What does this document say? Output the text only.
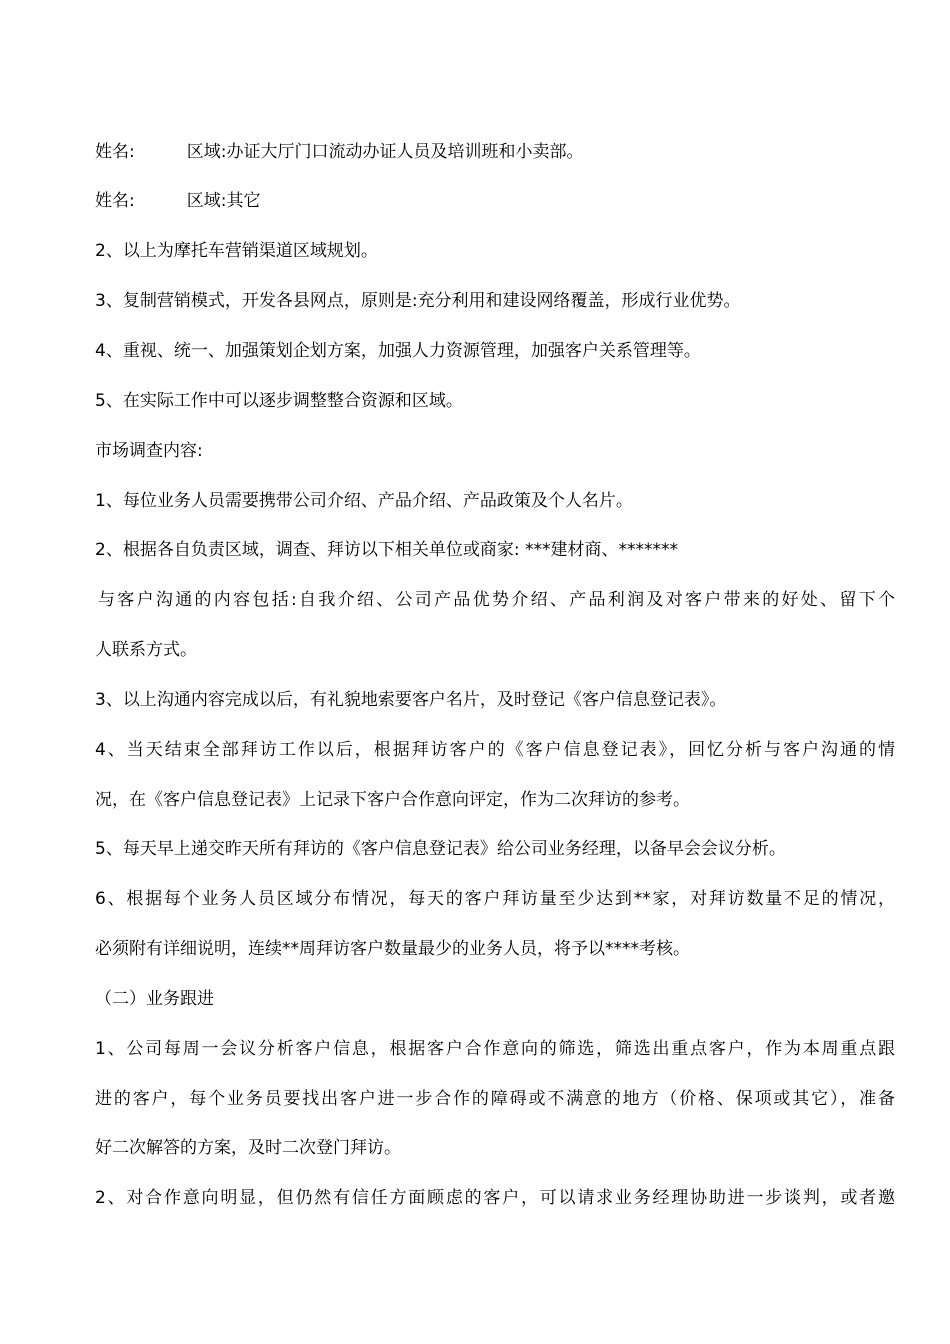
姓名:	区域:办证大厅门口流动办证人员及培训班和小卖部。
姓名:	区域:其它
2、以上为摩托车营销渠道区域规划。
3、复制营销模式，开发各县网点，原则是:充分利用和建设网络覆盖，形成行业优势。
4、重视、统一、加强策划企划方案，加强人力资源管理，加强客户关系管理等。
5、在实际工作中可以逐步调整整合资源和区域。
市场调查内容:
1、每位业务人员需要携带公司介绍、产品介绍、产品政策及个人名片。
2、根据各自负责区域，调查、拜访以下相关单位或商家: ***建材商、*******
与客户沟通的内容包括:自我介绍、公司产品优势介绍、产品利润及对客户带来的好处、留下个
人联系方式。
3、以上沟通内容完成以后，有礼貌地索要客户名片，及时登记《客户信息登记表》。
4、当天结束全部拜访工作以后，根据拜访客户的《客户信息登记表》，回忆分析与客户沟通的情
况，在《客户信息登记表》上记录下客户合作意向评定，作为二次拜访的参考。
5、每天早上递交昨天所有拜访的《客户信息登记表》给公司业务经理，以备早会会议分析。
6、根据每个业务人员区域分布情况，每天的客户拜访量至少达到**家，对拜访数量不足的情况，
必须附有详细说明，连续**周拜访客户数量最少的业务人员，将予以****考核。
（二）业务跟进
1、公司每周一会议分析客户信息，根据客户合作意向的筛选，筛选出重点客户，作为本周重点跟
进的客户，每个业务员要找出客户进一步合作的障碍或不满意的地方（价格、保项或其它），准备
好二次解答的方案，及时二次登门拜访。
2、对合作意向明显，但仍然有信任方面顾虑的客户，可以请求业务经理协助进一步谈判，或者邀
